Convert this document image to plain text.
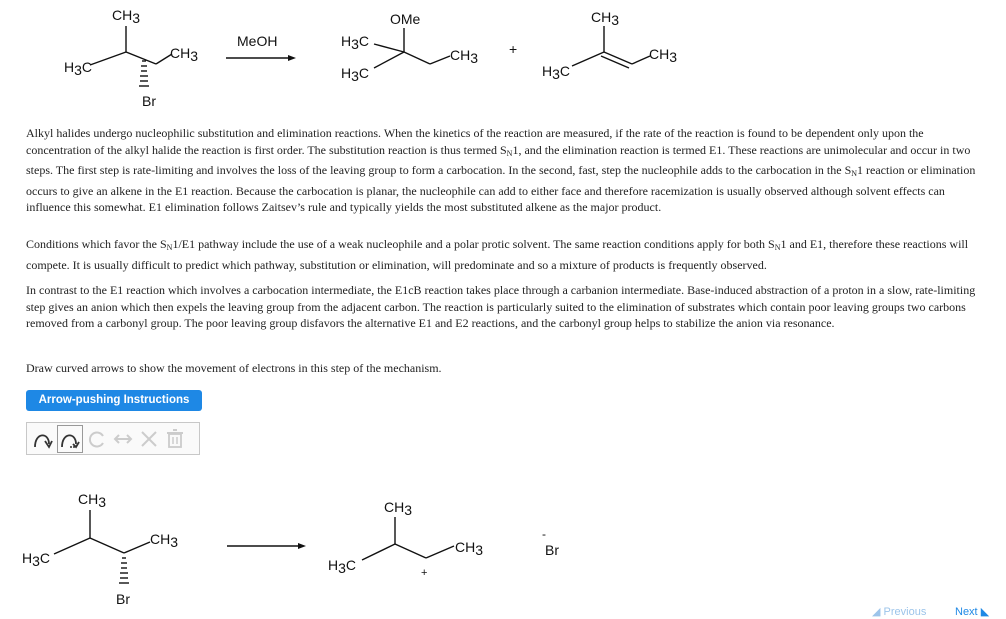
CH3
CH3
H3C
Br
MeOH
OMe
H3C
H3C
CH3
+
CH3
H3C
CH3

Alkyl halides undergo nucleophilic substitution and elimination reactions. When the kinetics of the reaction are measured, if the rate of the reaction is found to be dependent only upon the concentration of the alkyl halide the reaction is first order. The substitution reaction is thus termed $S_N1$, and the elimination reaction is termed E1. These reactions are unimolecular and occur in two steps. The first step is rate-limiting and involves the loss of the leaving group to form a carbocation. In the second, fast, step the nucleophile adds to the carbocation in the $S_N1$ reaction or elimination occurs to give an alkene in the E1 reaction. Because the carbocation is planar, the nucleophile can add to either face and therefore racemization is usually observed although solvent effects can influence this somewhat. E1 elimination follows Zaitsev’s rule and typically yields the most substituted alkene as the major product.

Conditions which favor the $S_N1/E1$ pathway include the use of a weak nucleophile and a polar protic solvent. The same reaction conditions apply for both $S_N1$ and E1, therefore these reactions will compete. It is usually difficult to predict which pathway, substitution or elimination, will predominate and so a mixture of products is frequently observed.

In contrast to the E1 reaction which involves a carbocation intermediate, the E1cB reaction takes place through a carbanion intermediate. Base-induced abstraction of a proton in a slow, rate-limiting step gives an anion which then expels the leaving group from the adjacent carbon. The reaction is particularly suited to the elimination of substrates which contain poor leaving groups two carbons removed from a carbonyl group. The poor leaving group disfavors the alternative E1 and E2 reactions, and the carbonyl group helps to stabilize the anion via resonance.

Draw curved arrows to show the movement of electrons in this step of the mechanism.

Arrow-pushing Instructions
CH3
CH3
H3C
Br
CH3
CH3
H3C	+
-
Br
◢ Previous	Next ◣
